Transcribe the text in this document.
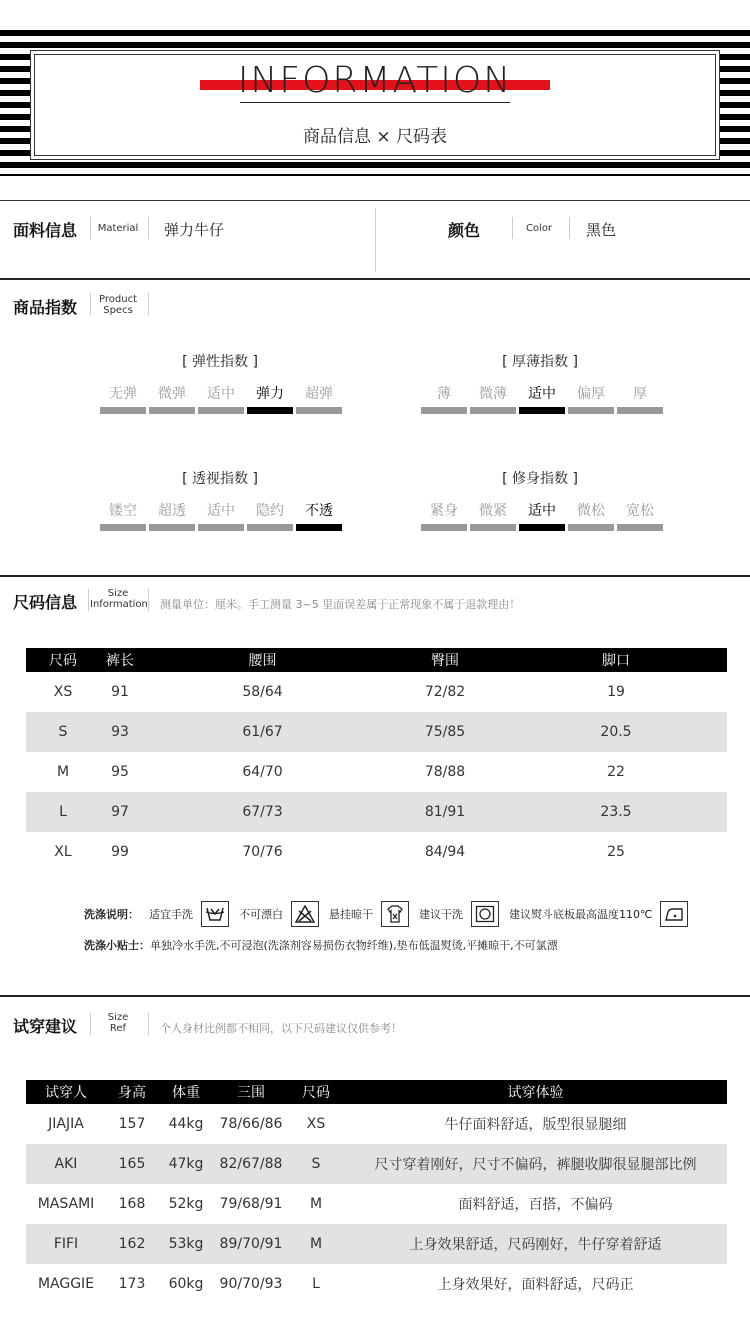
INFORMATION
商品信息 × 尺码表
面料信息 Material 弹力牛仔	颜色	Color	黑色
商品指数	Product
Specs
[ 弹性指数 ]
无弹	微弹	适中	弹力	超弹
[ 厚薄指数 ]
薄	微薄	适中	偏厚	厚
[ 透视指数 ]
镂空	超透	适中	隐约	不透
[ 修身指数 ]
紧身	微紧	适中	微松	宽松
尺码信息	Size
Information 测量单位：厘米。手工测量 3~5 里面误差属于正常现象不属于退款理由！
尺码	裤长	腰围	臀围	脚口
XS	91	58/64	72/82	19
S	93	61/67	75/85	20.5
M	95	64/70	78/88	22
L	97	67/73	81/91	23.5
XL	99	70/76	84/94	25
洗涤说明： 适宜手洗	不可漂白	悬挂晾干	建议干洗	建议熨斗底板最高温度110℃
洗涤小贴士：单独冷水手洗,不可浸泡(洗涤剂容易损伤衣物纤维),垫布低温熨烫,平摊晾干,不可氯漂
试穿建议	Size
Ref	个人身材比例都不相同，以下尺码建议仅供参考！
试穿人	身高	体重	三围	尺码	试穿体验
JIAJIA	157	44kg	78/66/86	XS	牛仔面料舒适，版型很显腿细
AKI	165	47kg	82/67/88	S	尺寸穿着刚好，尺寸不偏码，裤腿收脚很显腿部比例
MASAMI	168	52kg	79/68/91	M	面料舒适，百搭，不偏码
FIFI	162	53kg	89/70/91	M	上身效果舒适，尺码刚好，牛仔穿着舒适
MAGGIE	173	60kg	90/70/93	L	上身效果好，面料舒适，尺码正
